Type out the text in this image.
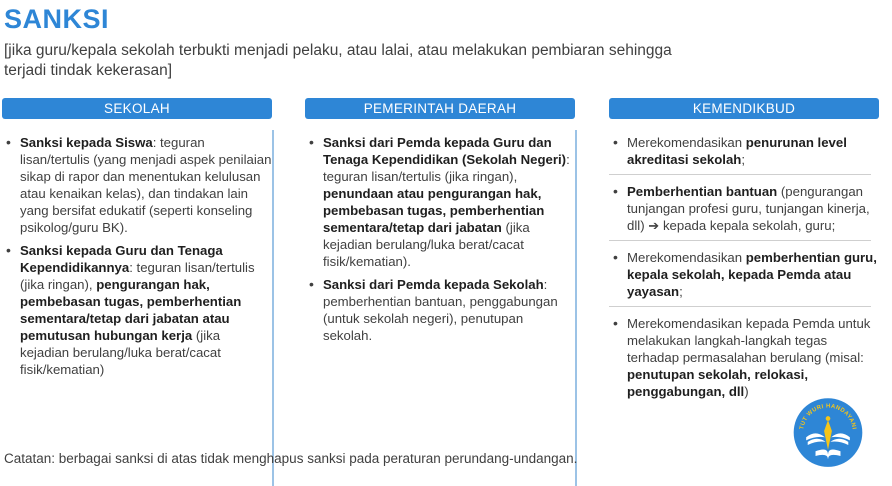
SANKSI
[jika guru/kepala sekolah terbukti menjadi pelaku, atau lalai, atau melakukan pembiaran sehingga terjadi tindak kekerasan]
SEKOLAH
• Sanksi kepada Siswa: teguran lisan/tertulis (yang menjadi aspek penilaian sikap di rapor dan menentukan kelulusan atau kenaikan kelas), dan tindakan lain yang bersifat edukatif (seperti konseling psikolog/guru BK).
• Sanksi kepada Guru dan Tenaga Kependidikannya: teguran lisan/tertulis (jika ringan), pengurangan hak, pembebasan tugas, pemberhentian sementara/tetap dari jabatan atau pemutusan hubungan kerja (jika kejadian berulang/luka berat/cacat fisik/kematian)
PEMERINTAH DAERAH
• Sanksi dari Pemda kepada Guru dan Tenaga Kependidikan (Sekolah Negeri): teguran lisan/tertulis (jika ringan), penundaan atau pengurangan hak, pembebasan tugas, pemberhentian sementara/tetap dari jabatan (jika kejadian berulang/luka berat/cacat fisik/kematian).
• Sanksi dari Pemda kepada Sekolah: pemberhentian bantuan, penggabungan (untuk sekolah negeri), penutupan sekolah.
KEMENDIKBUD
• Merekomendasikan penurunan level akreditasi sekolah;
• Pemberhentian bantuan (pengurangan tunjangan profesi guru, tunjangan kinerja, dll) ➔ kepada kepala sekolah, guru;
• Merekomendasikan pemberhentian guru, kepala sekolah, kepada Pemda atau yayasan;
• Merekomendasikan kepada Pemda untuk melakukan langkah-langkah tegas terhadap permasalahan berulang (misal: penutupan sekolah, relokasi, penggabungan, dll)
Catatan: berbagai sanksi di atas tidak menghapus sanksi pada peraturan perundang-undangan.
TUT WURI HANDAYANI
